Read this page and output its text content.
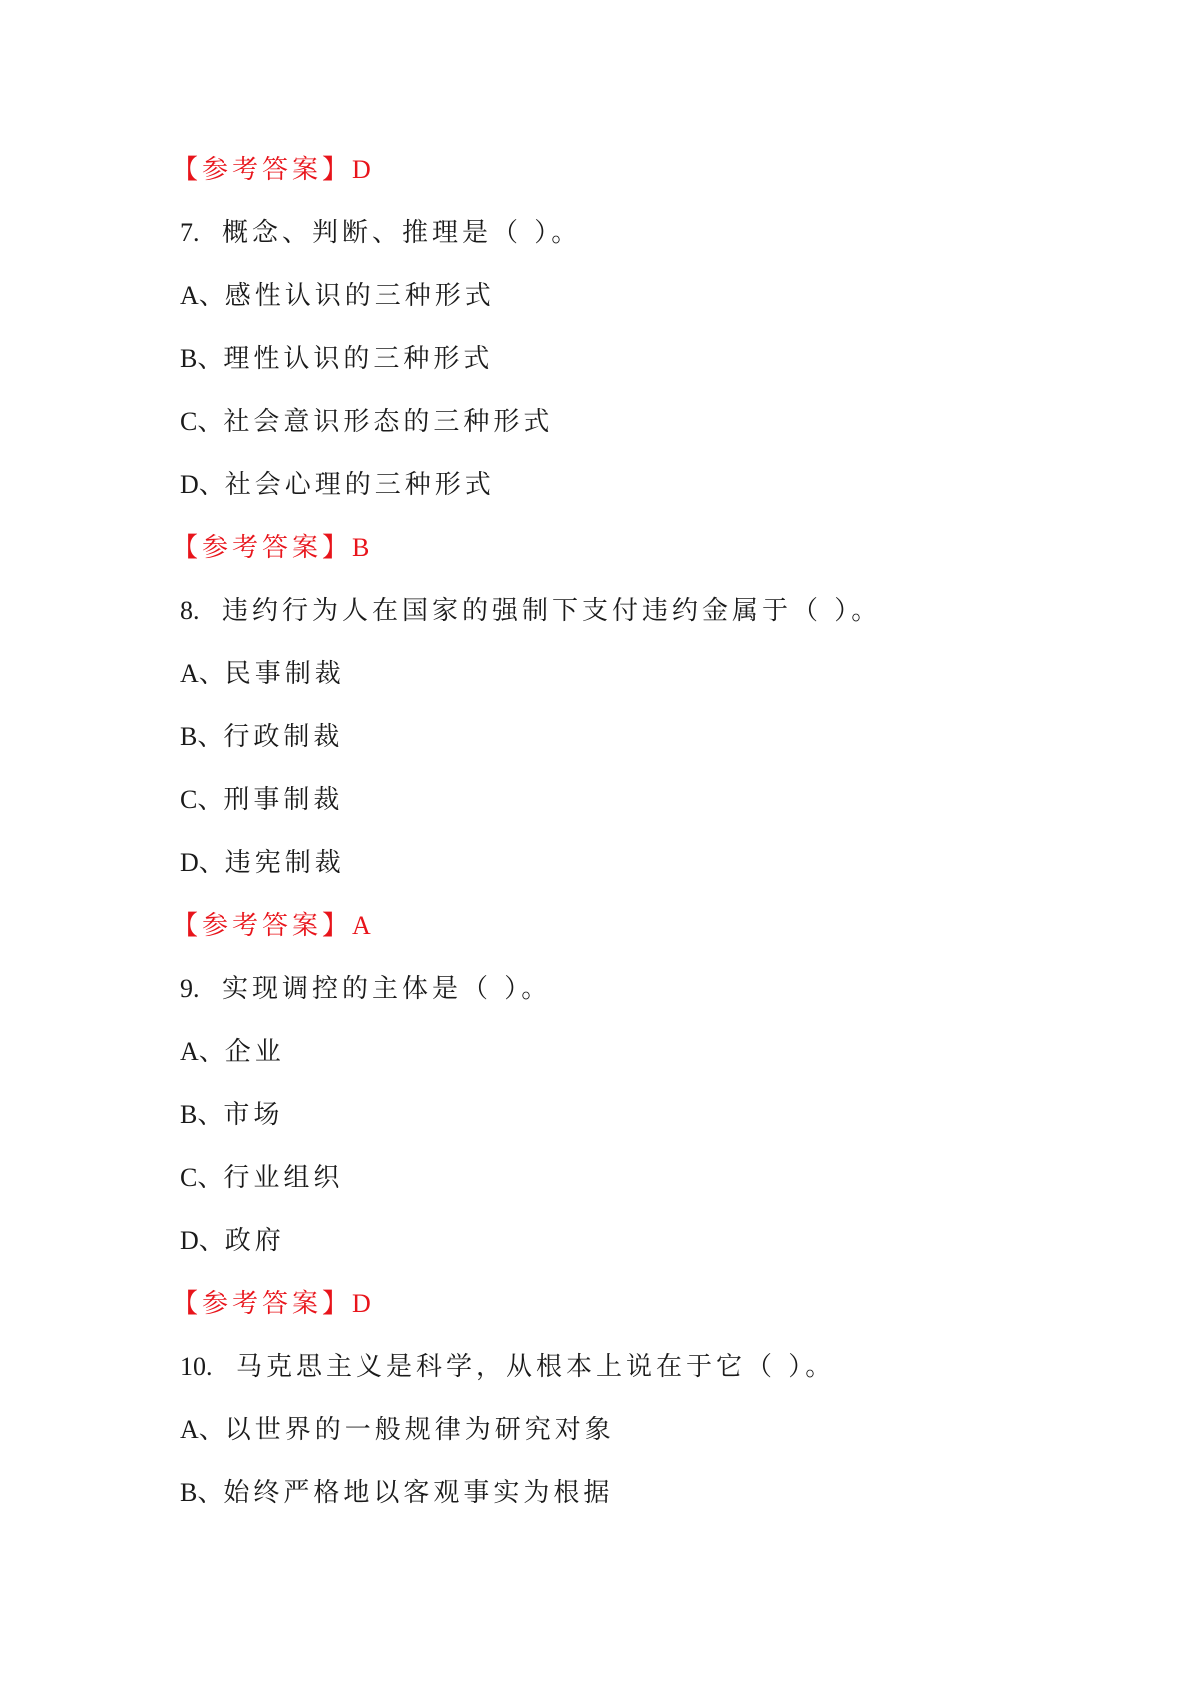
【参考答案】D
7. 概念、判断、推理是（ ）。
A、感性认识的三种形式
B、理性认识的三种形式
C、社会意识形态的三种形式
D、社会心理的三种形式
【参考答案】B
8. 违约行为人在国家的强制下支付违约金属于（ ）。
A、民事制裁
B、行政制裁
C、刑事制裁
D、违宪制裁
【参考答案】A
9. 实现调控的主体是（ ）。
A、企业
B、市场
C、行业组织
D、政府
【参考答案】D
10. 马克思主义是科学，从根本上说在于它（ ）。
A、以世界的一般规律为研究对象
B、始终严格地以客观事实为根据
